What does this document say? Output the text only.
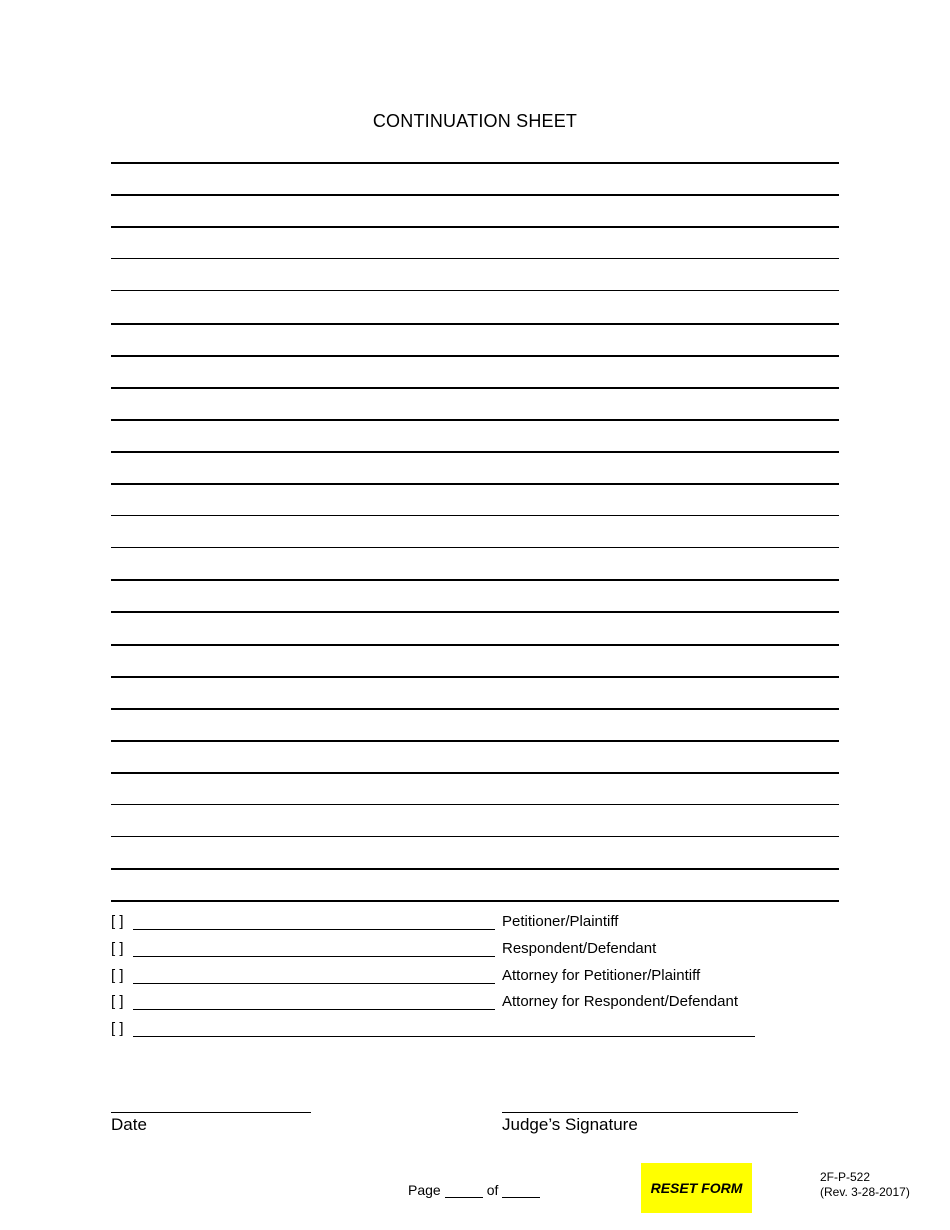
CONTINUATION SHEET
[ ]	Petitioner/Plaintiff
[ ]	Respondent/Defendant
[ ]	Attorney for Petitioner/Plaintiff
[ ]	Attorney for Respondent/Defendant
[ ]
Date	Judge’s Signature
Page	of	RESET FORM
2F-P-522
(Rev. 3-28-2017)
